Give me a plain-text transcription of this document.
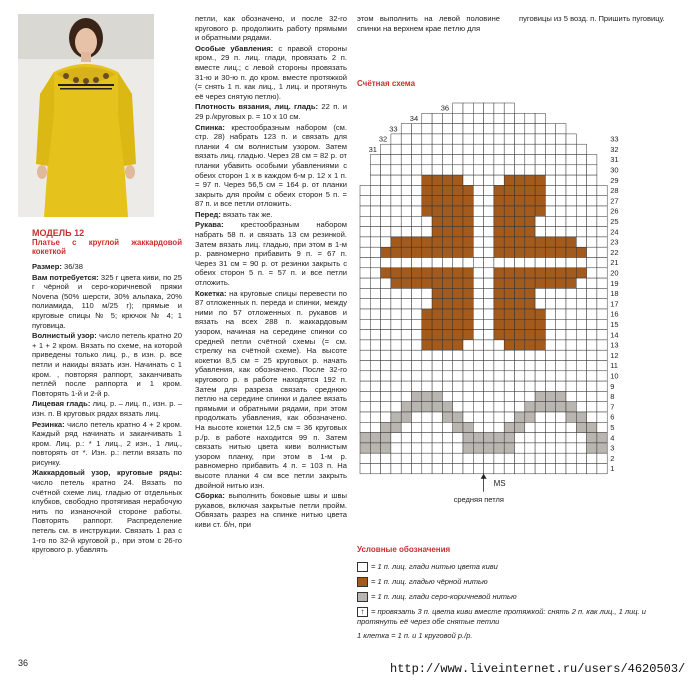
МОДЕЛЬ 12
Платье с круглой жаккардовой кокеткой

Размер: 36/38

Вам потребуется: 325 г цвета киви, по 25 г чёрной и серо-коричневой пряжи Novena (50% шерсти, 30% альпака, 20% полиамида, 110 м/25 г); прямые и круговые спицы № 5; крючок № 4; 1 пуговица.

Волнистый узор: число петель кратно 20 + 1 + 2 кром. Вязать по схеме, на которой приведены только лиц. р., в изн. р. все петли и накиды вязать изн. Начинать с 1 кром. , повторяя раппорт, заканчивать петлёй после раппорта и 1 кром. Повторять 1-й и 2-й р.

Лицевая гладь: лиц. р. – лиц. п., изн. р. – изн. п. В круговых рядах вязать лиц.

Резинка: число петель кратно 4 + 2 кром. Каждый ряд начинать и заканчивать 1 кром. Лиц. р.: * 1 лиц., 2 изн., 1 лиц., повторять от *. Изн. р.: петли вязать по рисунку.

Жаккардовый узор, круговые ряды: число петель кратно 24. Вязать по счётной схеме лиц. гладью от отдельных клубков, свободно протягивая нерабочую нить по изнаночной стороне работы. Повторять раппорт. Распределение петель см. в инструкции. Связать 1 раз с 1-го по 32-й круговой р., при этом с 26-го кругового р. убавлять

петли, как обозначено, и после 32-го кругового р. продолжить работу прямыми и обратными рядами.

Особые убавления: с правой стороны кром., 29 п. лиц. глади, провязать 2 п. вместе лиц.; с левой стороны провязать 31-ю и 30-ю п. до кром. вместе протяжкой (= снять 1 п. как лиц., 1 лиц. и протянуть её через снятую петлю).

Плотность вязания, лиц. гладь: 22 п. и 29 р./круговых р. = 10 х 10 см.

Спинка: крестообразным набором (см. стр. 28) набрать 123 п. и связать для планки 4 см волнистым узором. Затем вязать лиц. гладью. Через 28 см = 82 р. от планки убавить особыми убавлениями с обеих сторон 1 х в каждом 6-м р. 12 х 1 п. = 97 п. Через 56,5 см = 164 р. от планки закрыть для пройм с обеих сторон 5 п. = 87 п. и все петли отложить.

Перед: вязать так же.

Рукава: крестообразным набором набрать 58 п. и связать 13 см резинкой. Затем вязать лиц. гладью, при этом в 1-м р. равномерно прибавить 9 п. = 67 п. Через 31 см = 90 р. от резинки закрыть с обеих сторон 5 п. = 57 п. и все петли отложить.

Кокетка: на круговые спицы перевести по 87 отложенных п. переда и спинки, между ними по 57 отложенных п. рукавов и вязать на всех 288 п. жаккардовым узором, начиная на середине спинки со средней петли счётной схемы (= см. стрелку на счётной схеме). На высоте кокетки 8,5 см = 25 круговых р. начать убавления, как обозначено. После 32-го кругового р. в работе находятся 192 п. Затем для разреза связать среднюю петлю на середине спинки и далее вязать прямыми и обратными рядами, при этом продолжать убавления, как обозначено. На высоте кокетки 12,5 см = 36 круговых р./р. в работе находится 99 п. Затем связать нитью цвета киви волнистым узором планку, при этом в 1-м р. равномерно прибавить 4 п. = 103 п. На высоте планки 4 см все петли закрыть двойной нитью изн.

Сборка: выполнить боковые швы и швы рукавов, включая закрытые петли пройм. Обвязать разрез на спинке нитью цвета киви ст. б/н, при

этом выполнить на левой половине спинки на верхнем крае петлю для

пуговицы из 5 возд. п. Пришить пуговицу.

Счётная схема
33
32
31
30
29
28
27
26
25
24
23
22
21
20
19
18
17
16
15
14
13
12
11
10
9
8
7
6
5
4
3
2
1
36
34
33
32
31
MS
средняя петля
Условные обозначения
= 1 п. лиц. глади нитью цвета киви
= 1 п. лиц. гладью чёрной нитью
= 1 п. лиц. глади серо-коричневой нитью
↑ = провязать 3 п. цвета киви вместе протяжкой: снять 2 п. как лиц., 1 лиц. и протянуть её через обе снятые петли
1 клетка = 1 п. и 1 круговой р./р.
36	http://www.liveinternet.ru/users/4620503/
